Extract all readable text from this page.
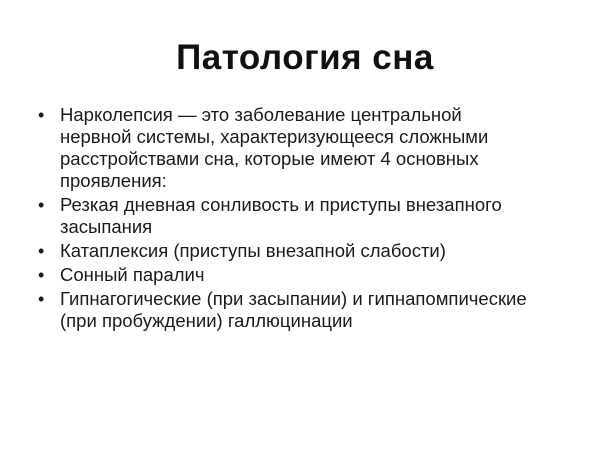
Патология сна
• Нарколепсия — это заболевание центральной
нервной системы, характеризующееся сложными
расстройствами сна, которые имеют 4 основных
проявления:
• Резкая дневная сонливость и приступы внезапного
засыпания
• Катаплексия (приступы внезапной слабости)
• Сонный паралич
• Гипнагогические (при засыпании) и гипнапомпические
(при пробуждении) галлюцинации
